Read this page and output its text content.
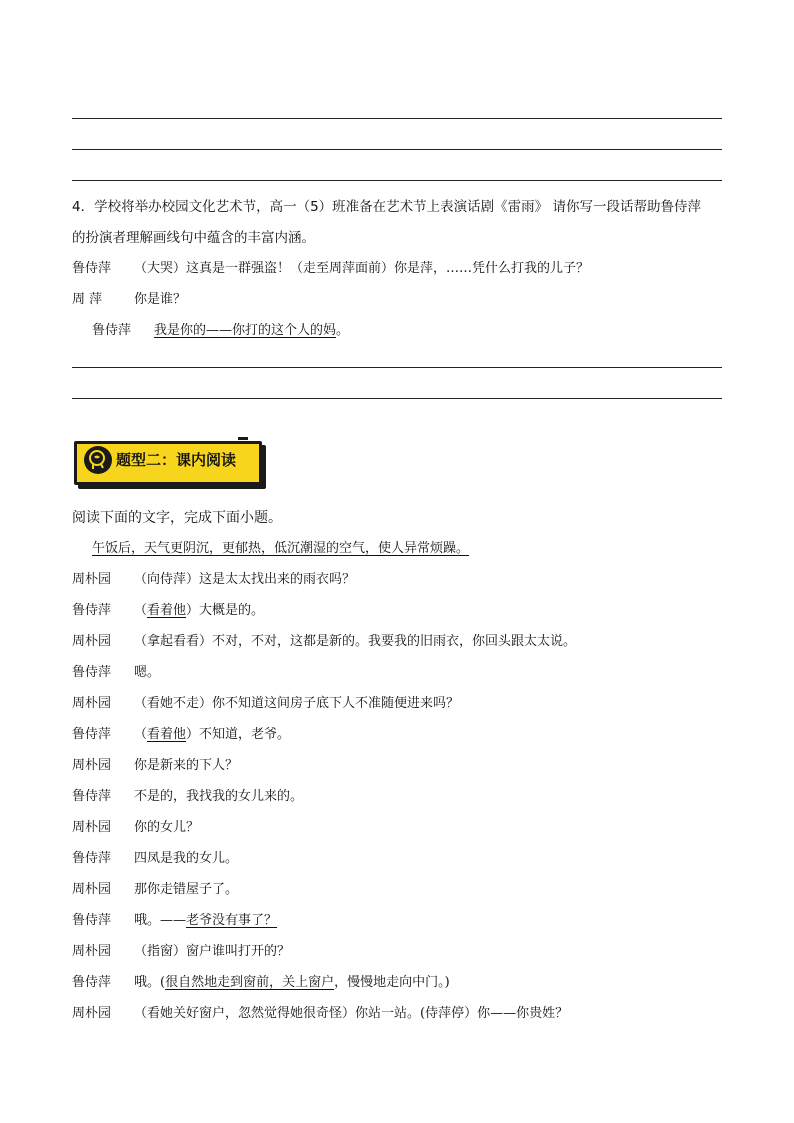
4．学校将举办校园文化艺术节，高一（5）班准备在艺术节上表演话剧《雷雨》 请你写一段话帮助鲁侍萍
的扮演者理解画线句中蕴含的丰富内涵。
鲁侍萍 （大哭）这真是一群强盗！（走至周萍面前）你是萍，……凭什么打我的儿子？
周 萍 你是谁？
鲁侍萍 我是你的——你打的这个人的妈。
题型二：课内阅读
阅读下面的文字，完成下面小题。
午饭后，天气更阴沉，更郁热，低沉潮湿的空气，使人异常烦躁。
周朴园 （向侍萍）这是太太找出来的雨衣吗？
鲁侍萍 （看着他）大概是的。
周朴园 （拿起看看）不对，不对，这都是新的。我要我的旧雨衣，你回头跟太太说。
鲁侍萍 嗯。
周朴园 （看她不走）你不知道这间房子底下人不准随便进来吗？
鲁侍萍 （看着他）不知道，老爷。
周朴园 你是新来的下人？
鲁侍萍 不是的，我找我的女儿来的。
周朴园 你的女儿？
鲁侍萍 四凤是我的女儿。
周朴园 那你走错屋子了。
鲁侍萍 哦。——老爷没有事了？
周朴园 （指窗）窗户谁叫打开的？
鲁侍萍 哦。(很自然地走到窗前，关上窗户，慢慢地走向中门。)
周朴园 （看她关好窗户，忽然觉得她很奇怪）你站一站。(侍萍停）你——你贵姓？
